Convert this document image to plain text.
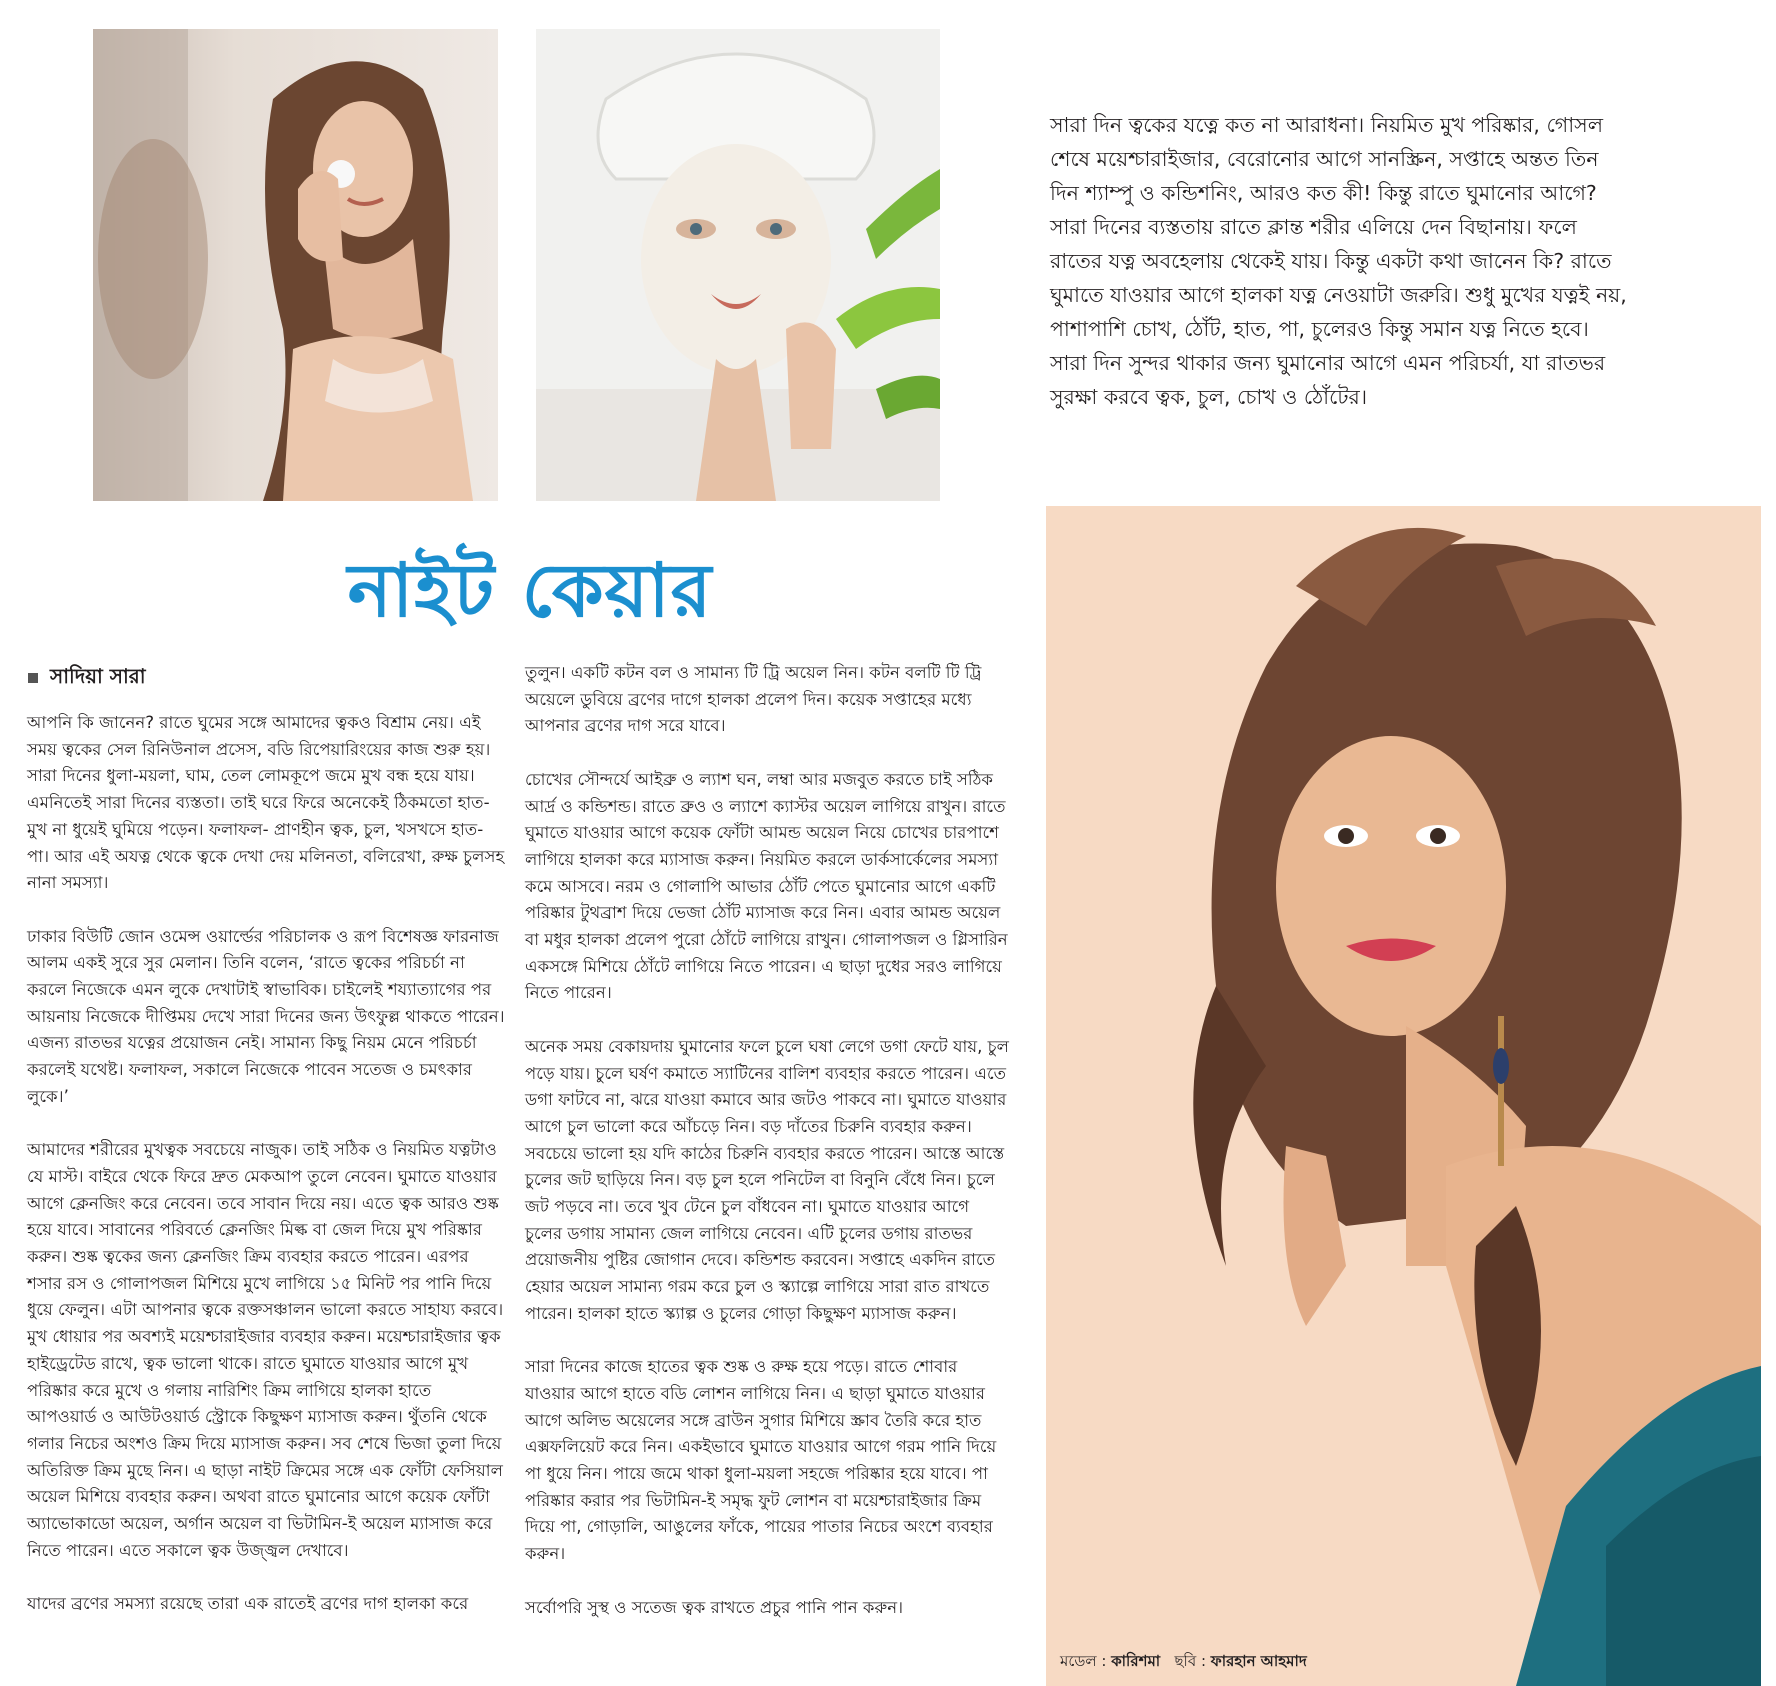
সারা দিন ত্বকের যত্নে কত না আরাধনা। নিয়মিত মুখ পরিষ্কার, গোসল শেষে ময়েশ্চারাইজার, বেরোনোর আগে সানস্ক্রিন, সপ্তাহে অন্তত তিন দিন শ্যাম্পু ও কন্ডিশনিং, আরও কত কী! কিন্তু রাতে ঘুমানোর আগে? সারা দিনের ব্যস্ততায় রাতে ক্লান্ত শরীর এলিয়ে দেন বিছানায়। ফলে রাতের যত্ন অবহেলায় থেকেই যায়। কিন্তু একটা কথা জানেন কি? রাতে ঘুমাতে যাওয়ার আগে হালকা যত্ন নেওয়াটা জরুরি। শুধু মুখের যত্নই নয়, পাশাপাশি চোখ, ঠোঁট, হাত, পা, চুলেরও কিন্তু সমান যত্ন নিতে হবে। সারা দিন সুন্দর থাকার জন্য ঘুমানোর আগে এমন পরিচর্যা, যা রাতভর সুরক্ষা করবে ত্বক, চুল, চোখ ও ঠোঁটের।
নাইট কেয়ার
সাদিয়া সারা

আপনি কি জানেন? রাতে ঘুমের সঙ্গে আমাদের ত্বকও বিশ্রাম নেয়। এই সময় ত্বকের সেল রিনিউনাল প্রসেস, বডি রিপেয়ারিংয়ের কাজ শুরু হয়। সারা দিনের ধুলা-ময়লা, ঘাম, তেল লোমকূপে জমে মুখ বন্ধ হয়ে যায়। এমনিতেই সারা দিনের ব্যস্ততা। তাই ঘরে ফিরে অনেকেই ঠিকমতো হাত-মুখ না ধুয়েই ঘুমিয়ে পড়েন। ফলাফল- প্রাণহীন ত্বক, চুল, খসখসে হাত-পা। আর এই অযত্ন থেকে ত্বকে দেখা দেয় মলিনতা, বলিরেখা, রুক্ষ চুলসহ নানা সমস্যা।

ঢাকার বিউটি জোন ওমেন্স ওয়ার্ল্ডের পরিচালক ও রূপ বিশেষজ্ঞ ফারনাজ আলম একই সুরে সুর মেলান। তিনি বলেন, ‘রাতে ত্বকের পরিচর্চা না করলে নিজেকে এমন লুকে দেখাটাই স্বাভাবিক। চাইলেই শয্যাত্যাগের পর আয়নায় নিজেকে দীপ্তিময় দেখে সারা দিনের জন্য উৎফুল্ল থাকতে পারেন। এজন্য রাতভর যত্নের প্রয়োজন নেই। সামান্য কিছু নিয়ম মেনে পরিচর্চা করলেই যথেষ্ট। ফলাফল, সকালে নিজেকে পাবেন সতেজ ও চমৎকার লুকে।’

আমাদের শরীরের মুখত্বক সবচেয়ে নাজুক। তাই সঠিক ও নিয়মিত যত্নটাও যে মাস্ট। বাইরে থেকে ফিরে দ্রুত মেকআপ তুলে নেবেন। ঘুমাতে যাওয়ার আগে ক্লেনজিং করে নেবেন। তবে সাবান দিয়ে নয়। এতে ত্বক আরও শুষ্ক হয়ে যাবে। সাবানের পরিবর্তে ক্লেনজিং মিল্ক বা জেল দিয়ে মুখ পরিষ্কার করুন। শুষ্ক ত্বকের জন্য ক্লেনজিং ক্রিম ব্যবহার করতে পারেন। এরপর শসার রস ও গোলাপজল মিশিয়ে মুখে লাগিয়ে ১৫ মিনিট পর পানি দিয়ে ধুয়ে ফেলুন। এটা আপনার ত্বকে রক্তসঞ্চালন ভালো করতে সাহায্য করবে। মুখ ধোয়ার পর অবশ্যই ময়েশ্চারাইজার ব্যবহার করুন। ময়েশ্চারাইজার ত্বক হাইড্রেটেড রাখে, ত্বক ভালো থাকে। রাতে ঘুমাতে যাওয়ার আগে মুখ পরিষ্কার করে মুখে ও গলায় নারিশিং ক্রিম লাগিয়ে হালকা হাতে আপওয়ার্ড ও আউটওয়ার্ড স্ট্রোকে কিছুক্ষণ ম্যাসাজ করুন। থুঁতনি থেকে গলার নিচের অংশও ক্রিম দিয়ে ম্যাসাজ করুন। সব শেষে ভিজা তুলা দিয়ে অতিরিক্ত ক্রিম মুছে নিন। এ ছাড়া নাইট ক্রিমের সঙ্গে এক ফোঁটা ফেসিয়াল অয়েল মিশিয়ে ব্যবহার করুন। অথবা রাতে ঘুমানোর আগে কয়েক ফোঁটা অ্যাভোকাডো অয়েল, অর্গান অয়েল বা ভিটামিন-ই অয়েল ম্যাসাজ করে নিতে পারেন। এতে সকালে ত্বক উজ্জ্বল দেখাবে।

যাদের ব্রণের সমস্যা রয়েছে তারা এক রাতেই ব্রণের দাগ হালকা করে

তুলুন। একটি কটন বল ও সামান্য টি ট্রি অয়েল নিন। কটন বলটি টি ট্রি অয়েলে ডুবিয়ে ব্রণের দাগে হালকা প্রলেপ দিন। কয়েক সপ্তাহের মধ্যে আপনার ব্রণের দাগ সরে যাবে।

চোখের সৌন্দর্যে আইব্রু ও ল্যাশ ঘন, লম্বা আর মজবুত করতে চাই সঠিক আর্দ্র ও কন্ডিশন্ড। রাতে ব্রুও ও ল্যাশে ক্যাস্টর অয়েল লাগিয়ে রাখুন। রাতে ঘুমাতে যাওয়ার আগে কয়েক ফোঁটা আমন্ড অয়েল নিয়ে চোখের চারপাশে লাগিয়ে হালকা করে ম্যাসাজ করুন। নিয়মিত করলে ডার্কসার্কেলের সমস্যা কমে আসবে। নরম ও গোলাপি আভার ঠোঁট পেতে ঘুমানোর আগে একটি পরিষ্কার টুথব্রাশ দিয়ে ভেজা ঠোঁট ম্যাসাজ করে নিন। এবার আমন্ড অয়েল বা মধুর হালকা প্রলেপ পুরো ঠোঁটে লাগিয়ে রাখুন। গোলাপজল ও গ্লিসারিন একসঙ্গে মিশিয়ে ঠোঁটে লাগিয়ে নিতে পারেন। এ ছাড়া দুধের সরও লাগিয়ে নিতে পারেন।

অনেক সময় বেকায়দায় ঘুমানোর ফলে চুলে ঘষা লেগে ডগা ফেটে যায়, চুল পড়ে যায়। চুলে ঘর্ষণ কমাতে স্যাটিনের বালিশ ব্যবহার করতে পারেন। এতে ডগা ফাটবে না, ঝরে যাওয়া কমাবে আর জটও পাকবে না। ঘুমাতে যাওয়ার আগে চুল ভালো করে আঁচড়ে নিন। বড় দাঁতের চিরুনি ব্যবহার করুন। সবচেয়ে ভালো হয় যদি কাঠের চিরুনি ব্যবহার করতে পারেন। আস্তে আস্তে চুলের জট ছাড়িয়ে নিন। বড় চুল হলে পনিটেল বা বিনুনি বেঁধে নিন। চুলে জট পড়বে না। তবে খুব টেনে চুল বাঁধবেন না। ঘুমাতে যাওয়ার আগে চুলের ডগায় সামান্য জেল লাগিয়ে নেবেন। এটি চুলের ডগায় রাতভর প্রয়োজনীয় পুষ্টির জোগান দেবে। কন্ডিশন্ড করবেন। সপ্তাহে একদিন রাতে হেয়ার অয়েল সামান্য গরম করে চুল ও স্ক্যাল্পে লাগিয়ে সারা রাত রাখতে পারেন। হালকা হাতে স্ক্যাল্প ও চুলের গোড়া কিছুক্ষণ ম্যাসাজ করুন।

সারা দিনের কাজে হাতের ত্বক শুষ্ক ও রুক্ষ হয়ে পড়ে। রাতে শোবার যাওয়ার আগে হাতে বডি লোশন লাগিয়ে নিন। এ ছাড়া ঘুমাতে যাওয়ার আগে অলিভ অয়েলের সঙ্গে ব্রাউন সুগার মিশিয়ে স্ক্রাব তৈরি করে হাত এক্সফলিয়েট করে নিন। একইভাবে ঘুমাতে যাওয়ার আগে গরম পানি দিয়ে পা ধুয়ে নিন। পায়ে জমে থাকা ধুলা-ময়লা সহজে পরিষ্কার হয়ে যাবে। পা পরিষ্কার করার পর ভিটামিন-ই সমৃদ্ধ ফুট লোশন বা ময়েশ্চারাইজার ক্রিম দিয়ে পা, গোড়ালি, আঙুলের ফাঁকে, পায়ের পাতার নিচের অংশে ব্যবহার করুন।

সর্বোপরি সুস্থ ও সতেজ ত্বক রাখতে প্রচুর পানি পান করুন।

মডেল : কারিশমা ছবি : ফারহান আহমাদ
